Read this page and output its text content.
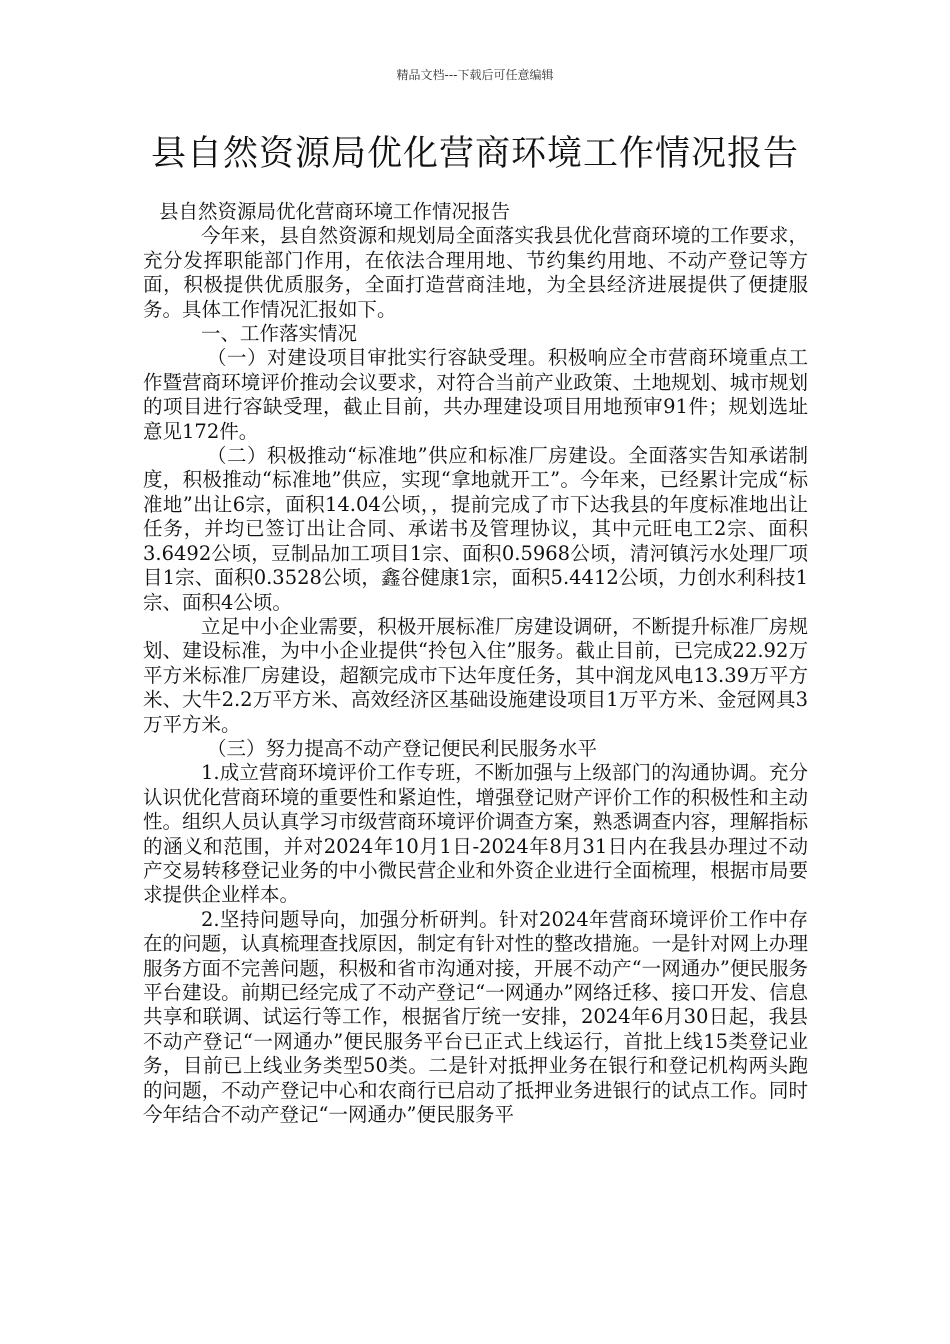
精品文档---下载后可任意编辑
县自然资源局优化营商环境工作情况报告

县自然资源局优化营商环境工作情况报告

今年来，县自然资源和规划局全面落实我县优化营商环境的工作要求，充分发挥职能部门作用，在依法合理用地、节约集约用地、不动产登记等方面，积极提供优质服务，全面打造营商洼地，为全县经济进展提供了便捷服务。具体工作情况汇报如下。

一、工作落实情况

（一）对建设项目审批实行容缺受理。积极响应全市营商环境重点工作暨营商环境评价推动会议要求，对符合当前产业政策、土地规划、城市规划的项目进行容缺受理，截止目前，共办理建设项目用地预审91件；规划选址意见172件。

（二）积极推动“标准地”供应和标准厂房建设。全面落实告知承诺制度，积极推动“标准地”供应，实现“拿地就开工”。今年来，已经累计完成“标准地”出让6宗，面积14.04公顷，，提前完成了市下达我县的年度标准地出让任务，并均已签订出让合同、承诺书及管理协议，其中元旺电工2宗、面积3.6492公顷，豆制品加工项目1宗、面积0.5968公顷，清河镇污水处理厂项目1宗、面积0.3528公顷，鑫谷健康1宗，面积5.4412公顷，力创水利科技1宗、面积4公顷。

立足中小企业需要，积极开展标准厂房建设调研，不断提升标准厂房规划、建设标准，为中小企业提供“拎包入住”服务。截止目前，已完成22.92万平方米标准厂房建设，超额完成市下达年度任务，其中润龙风电13.39万平方米、大牛2.2万平方米、高效经济区基础设施建设项目1万平方米、金冠网具3万平方米。

（三）努力提高不动产登记便民利民服务水平

1.成立营商环境评价工作专班，不断加强与上级部门的沟通协调。充分认识优化营商环境的重要性和紧迫性，增强登记财产评价工作的积极性和主动性。组织人员认真学习市级营商环境评价调查方案，熟悉调查内容，理解指标的涵义和范围，并对2024年10月1日-2024年8月31日内在我县办理过不动产交易转移登记业务的中小微民营企业和外资企业进行全面梳理，根据市局要求提供企业样本。

2.坚持问题导向，加强分析研判。针对2024年营商环境评价工作中存在的问题，认真梳理查找原因，制定有针对性的整改措施。一是针对网上办理服务方面不完善问题，积极和省市沟通对接，开展不动产“一网通办”便民服务平台建设。前期已经完成了不动产登记“一网通办”网络迁移、接口开发、信息共享和联调、试运行等工作，根据省厅统一安排，2024年6月30日起，我县不动产登记“一网通办”便民服务平台已正式上线运行，首批上线15类登记业务，目前已上线业务类型50类。二是针对抵押业务在银行和登记机构两头跑的问题，不动产登记中心和农商行已启动了抵押业务进银行的试点工作。同时今年结合不动产登记“一网通办”便民服务平
